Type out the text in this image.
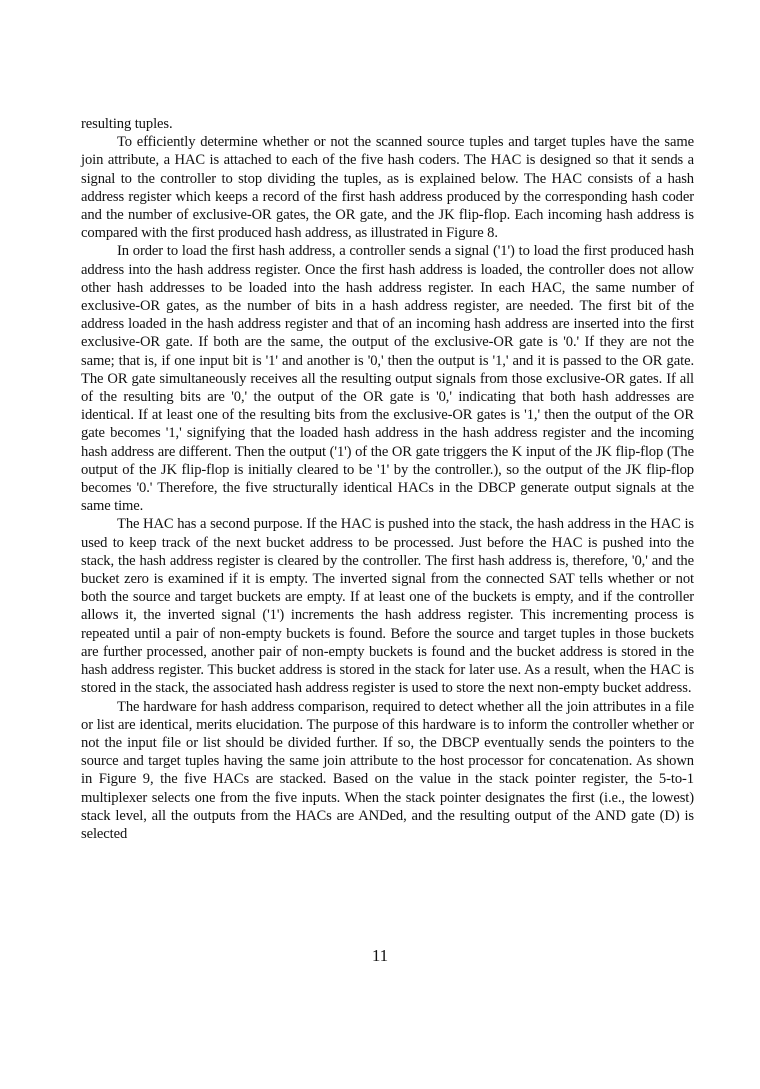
resulting tuples.

To efficiently determine whether or not the scanned source tuples and target tuples have the same join attribute, a HAC is attached to each of the five hash coders. The HAC is designed so that it sends a signal to the controller to stop dividing the tuples, as is explained below. The HAC consists of a hash address register which keeps a record of the first hash address produced by the corresponding hash coder and the number of exclusive-OR gates, the OR gate, and the JK flip-flop. Each incoming hash address is compared with the first produced hash address, as illustrated in Figure 8.

In order to load the first hash address, a controller sends a signal ('1') to load the first produced hash address into the hash address register. Once the first hash address is loaded, the controller does not allow other hash addresses to be loaded into the hash address register. In each HAC, the same number of exclusive-OR gates, as the number of bits in a hash address register, are needed. The first bit of the address loaded in the hash address register and that of an incoming hash address are inserted into the first exclusive-OR gate. If both are the same, the output of the exclusive-OR gate is '0.' If they are not the same; that is, if one input bit is '1' and another is '0,' then the output is '1,' and it is passed to the OR gate. The OR gate simultaneously receives all the resulting output signals from those exclusive-OR gates. If all of the resulting bits are '0,' the output of the OR gate is '0,' indicating that both hash addresses are identical. If at least one of the resulting bits from the exclusive-OR gates is '1,' then the output of the OR gate becomes '1,' signifying that the loaded hash address in the hash address register and the incoming hash address are different. Then the output ('1') of the OR gate triggers the K input of the JK flip-flop (The output of the JK flip-flop is initially cleared to be '1' by the controller.), so the output of the JK flip-flop becomes '0.' Therefore, the five structurally identical HACs in the DBCP generate output signals at the same time.

The HAC has a second purpose. If the HAC is pushed into the stack, the hash address in the HAC is used to keep track of the next bucket address to be processed. Just before the HAC is pushed into the stack, the hash address register is cleared by the controller. The first hash address is, therefore, '0,' and the bucket zero is examined if it is empty. The inverted signal from the connected SAT tells whether or not both the source and target buckets are empty. If at least one of the buckets is empty, and if the controller allows it, the inverted signal ('1') increments the hash address register. This incrementing process is repeated until a pair of non-empty buckets is found. Before the source and target tuples in those buckets are further processed, another pair of non-empty buckets is found and the bucket address is stored in the hash address register. This bucket address is stored in the stack for later use. As a result, when the HAC is stored in the stack, the associated hash address register is used to store the next non-empty bucket address.

The hardware for hash address comparison, required to detect whether all the join attributes in a file or list are identical, merits elucidation. The purpose of this hardware is to inform the controller whether or not the input file or list should be divided further. If so, the DBCP eventually sends the pointers to the source and target tuples having the same join attribute to the host processor for concatenation. As shown in Figure 9, the five HACs are stacked. Based on the value in the stack pointer register, the 5-to-1 multiplexer selects one from the five inputs. When the stack pointer designates the first (i.e., the lowest) stack level, all the outputs from the HACs are ANDed, and the resulting output of the AND gate (D) is selected

11
